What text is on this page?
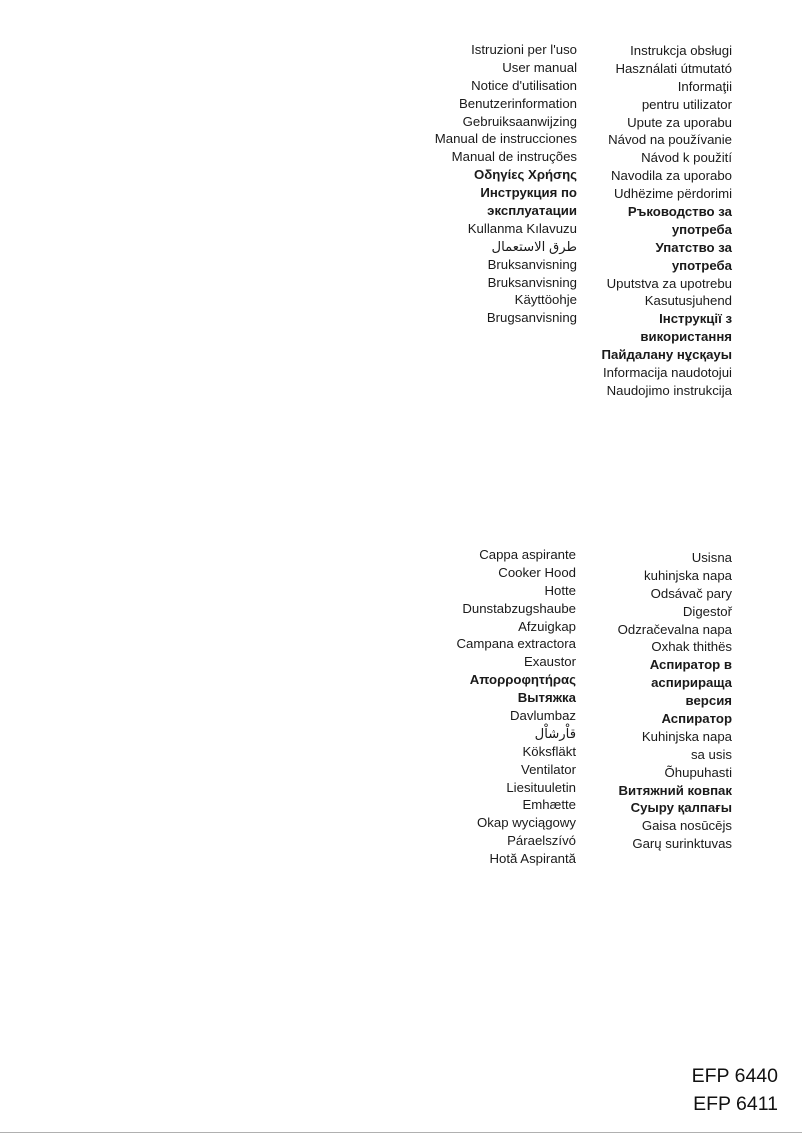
Istruzioni per l'uso
User manual
Notice d'utilisation
Benutzerinformation
Gebruiksaanwijzing
Manual de instrucciones
Manual de instruções
Οδηγίες Χρήσης
Инструкция по
эксплуатации
Kullanma Kılavuzu
طرق الاستعمال
Bruksanvisning
Bruksanvisning
Käyttöohje
Brugsanvisning
Instrukcja obsługi
Használati útmutató
Informaţii
pentru utilizator
Upute za uporabu
Návod na používanie
Návod k použití
Navodila za uporabo
Udhëzime përdorimi
Ръководство за
употреба
Упатство за
употреба
Uputstva za upotrebu
Kasutusjuhend
Інструкції з
використання
Пайдалану нұсқауы
Informacija naudotojui
Naudojimo instrukcija
Cappa aspirante
Cooker Hood
Hotte
Dunstabzugshaube
Afzuigkap
Campana extractora
Exaustor
Απορροφητήρας
Вытяжка
Davlumbaz
قاْرشاْل
Köksfläkt
Ventilator
Liesituuletin
Emhætte
Okap wyciągowy
Páraelszívó
Hotă Aspirantă
Usisna
kuhinjska napa
Odsávač pary
Digestoř
Odzračevalna napa
Oxhak thithës
Аспиратор в
аспирираща
версия
Аспиратор
Kuhinjska napa
sa usis
Õhupuhasti
Витяжний ковпак
Суыру қалпағы
Gaisa nosūcējs
Garų surinktuvas
EFP 6440
EFP 6411
